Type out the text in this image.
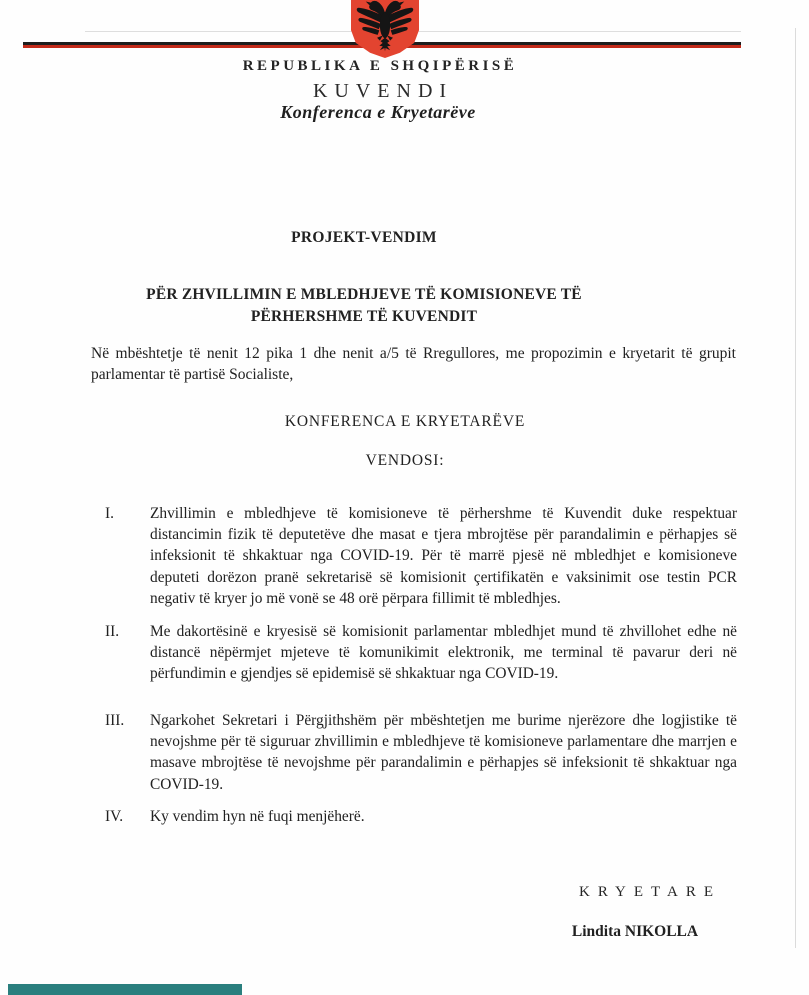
REPUBLIKA E SHQIPËRISË
KUVENDI
Konferenca e Kryetarëve
PROJEKT-VENDIM
PËR ZHVILLIMIN E MBLEDHJEVE TË KOMISIONEVE TË PËRHERSHME TË KUVENDIT
Në mbështetje të nenit 12 pika 1 dhe nenit a/5 të Rregullores, me propozimin e kryetarit të grupit parlamentar të partisë Socialiste,
KONFERENCA E KRYETARËVE
VENDOSI:
I. Zhvillimin e mbledhjeve të komisioneve të përhershme të Kuvendit duke respektuar distancimin fizik të deputetëve dhe masat e tjera mbrojtëse për parandalimin e përhapjes së infeksionit të shkaktuar nga COVID-19. Për të marrë pjesë në mbledhjet e komisioneve deputeti dorëzon pranë sekretarisë së komisionit çertifikatën e vaksinimit ose testin PCR negativ të kryer jo më vonë se 48 orë përpara fillimit të mbledhjes.
II. Me dakortësinë e kryesisë së komisionit parlamentar mbledhjet mund të zhvillohet edhe në distancë nëpërmjet mjeteve të komunikimit elektronik, me terminal të pavarur deri në përfundimin e gjendjes së epidemisë së shkaktuar nga COVID-19.
III. Ngarkohet Sekretari i Përgjithshëm për mbështetjen me burime njerëzore dhe logjistike të nevojshme për të siguruar zhvillimin e mbledhjeve të komisioneve parlamentare dhe marrjen e masave mbrojtëse të nevojshme për parandalimin e përhapjes së infeksionit të shkaktuar nga COVID-19.
IV. Ky vendim hyn në fuqi menjëherë.
KRYETARE
Lindita NIKOLLA
